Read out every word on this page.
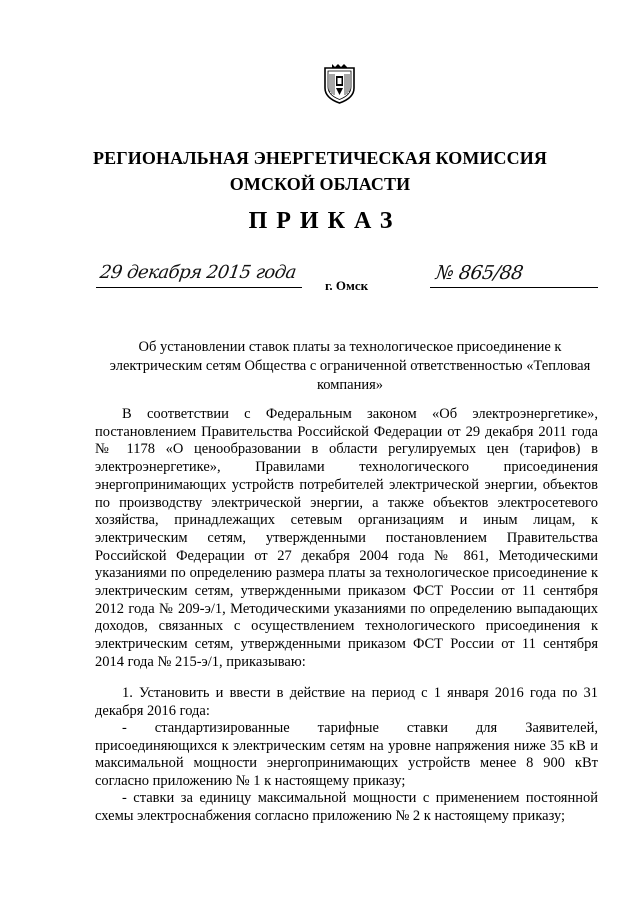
РЕГИОНАЛЬНАЯ ЭНЕРГЕТИЧЕСКАЯ КОМИССИЯ
ОМСКОЙ ОБЛАСТИ
ПРИКАЗ
29 декабря 2015 года
г. Омск
№ 865/88
Об установлении ставок платы за технологическое присоединение к электрическим сетям Общества с ограниченной ответственностью «Тепловая компания»
В соответствии с Федеральным законом «Об электроэнергетике», постановлением Правительства Российской Федерации от 29 декабря 2011 года № 1178 «О ценообразовании в области регулируемых цен (тарифов) в электроэнергетике», Правилами технологического присоединения энергопринимающих устройств потребителей электрической энергии, объектов по производству электрической энергии, а также объектов электросетевого хозяйства, принадлежащих сетевым организациям и иным лицам, к электрическим сетям, утвержденными постановлением Правительства Российской Федерации от 27 декабря 2004 года № 861, Методическими указаниями по определению размера платы за технологическое присоединение к электрическим сетям, утвержденными приказом ФСТ России от 11 сентября 2012 года № 209-э/1, Методическими указаниями по определению выпадающих доходов, связанных с осуществлением технологического присоединения к электрическим сетям, утвержденными приказом ФСТ России от 11 сентября 2014 года № 215-э/1, приказываю:
1. Установить и ввести в действие на период с 1 января 2016 года по 31 декабря 2016 года:
- стандартизированные тарифные ставки для Заявителей, присоединяющихся к электрическим сетям на уровне напряжения ниже 35 кВ и максимальной мощности энергопринимающих устройств менее 8 900 кВт согласно приложению № 1 к настоящему приказу;
- ставки за единицу максимальной мощности с применением постоянной схемы электроснабжения согласно приложению № 2 к настоящему приказу;
